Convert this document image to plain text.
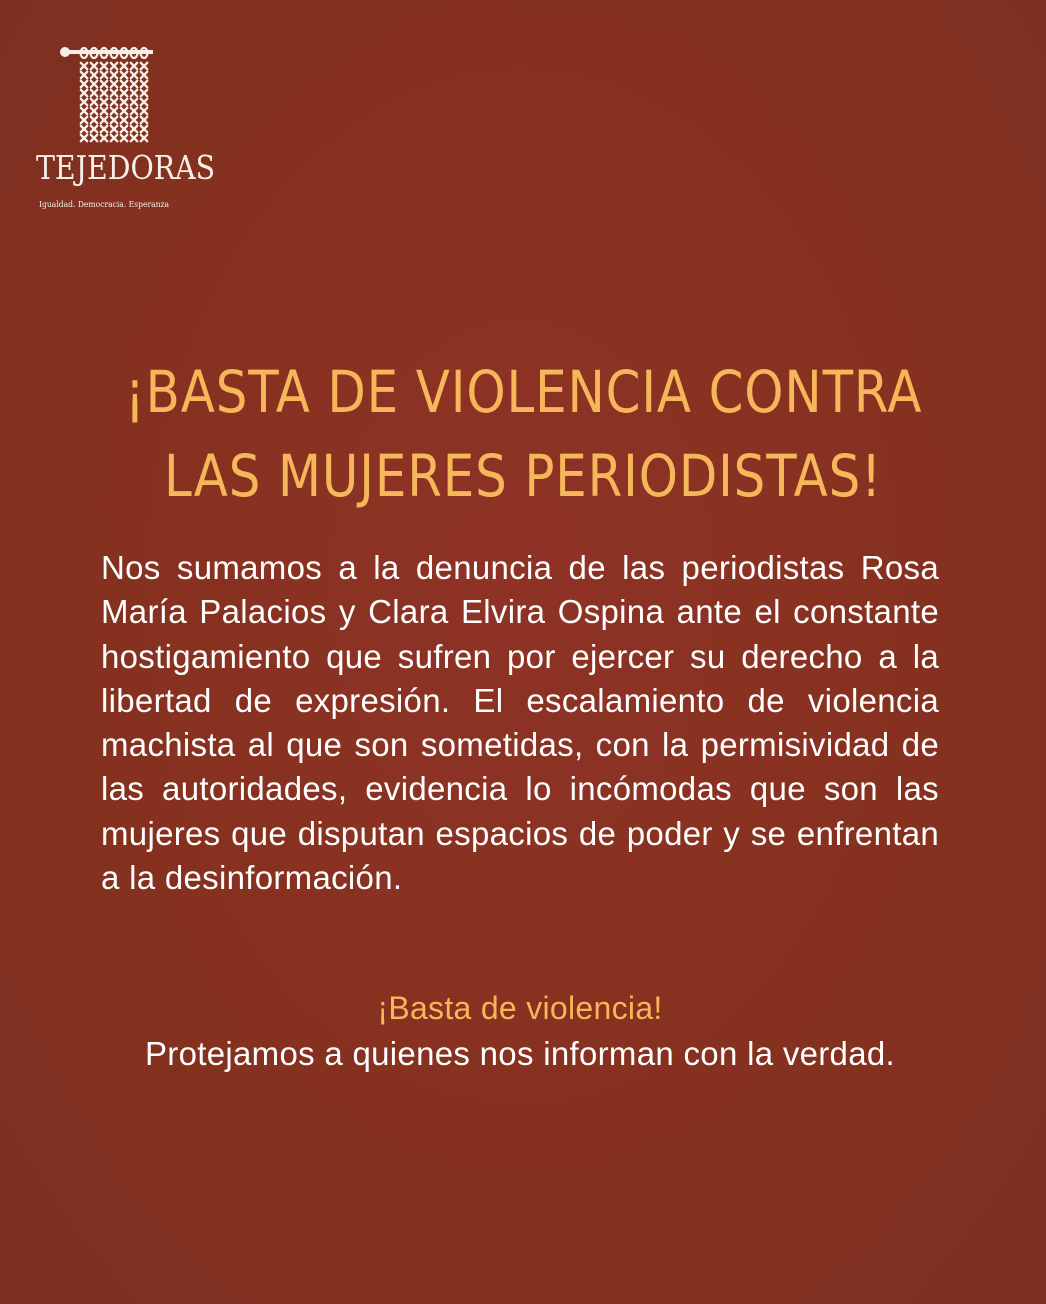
TEJEDORAS
Igualdad. Democracia. Esperanza
¡BASTA DE VIOLENCIA CONTRA
LAS MUJERES PERIODISTAS!
Nos sumamos a la denuncia de las periodistas Rosa María Palacios y Clara Elvira Ospina ante el constante hostigamiento que sufren por ejercer su derecho a la libertad de expresión. El escalamiento de violencia machista al que son sometidas, con la permisividad de las autoridades, evidencia lo incómodas que son las mujeres que disputan espacios de poder y se enfrentan a la desinformación.
¡Basta de violencia!
Protejamos a quienes nos informan con la verdad.
